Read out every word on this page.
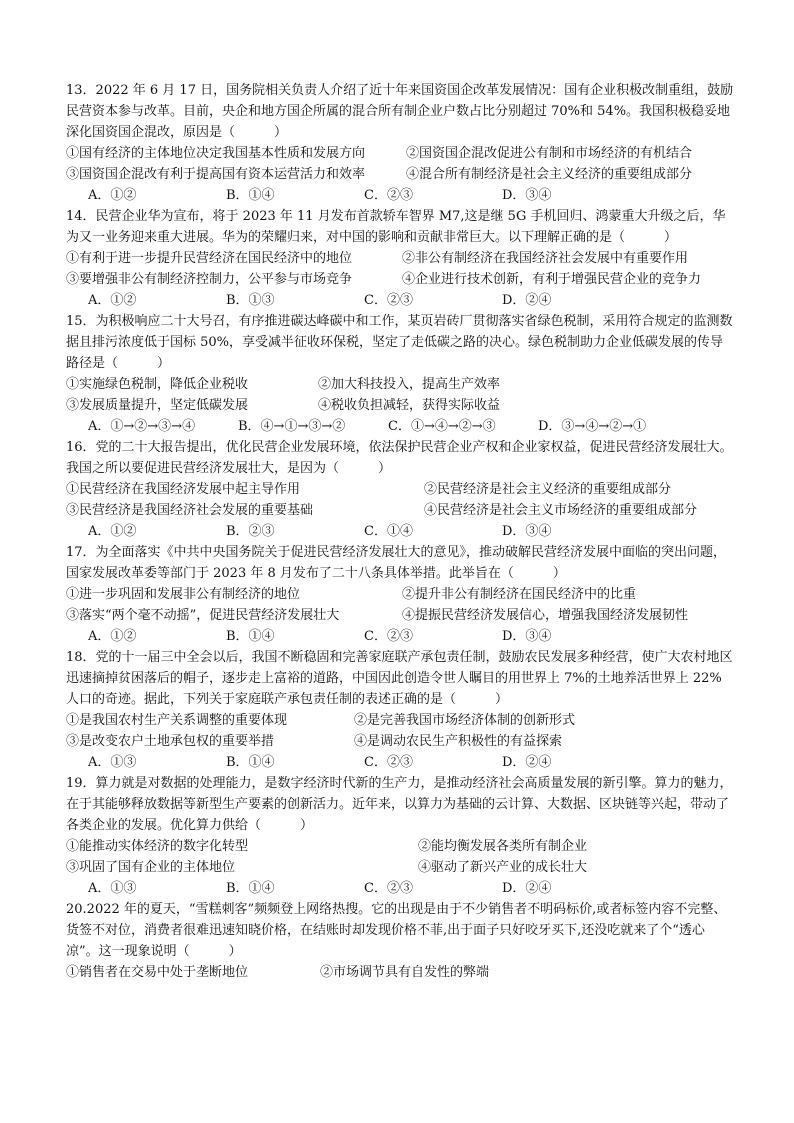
13．2022 年 6 月 17 日，国务院相关负责人介绍了近十年来国资国企改革发展情况：国有企业积极改制重组，鼓励民营资本参与改革。目前，央企和地方国企所属的混合所有制企业户数占比分别超过 70%和 54%。我国积极稳妥地深化国资国企混改，原因是（　　　）

①国有经济的主体地位决定我国基本性质和发展方向	②国资国企混改促进公有制和市场经济的有机结合
③国资国企混改有利于提高国有资本运营活力和效率	④混合所有制经济是社会主义经济的重要组成部分
A．①②	B．①④	C．②③	D．③④

14．民营企业华为宣布，将于 2023 年 11 月发布首款轿车智界 M7,这是继 5G 手机回归、鸿蒙重大升级之后，华为又一业务迎来重大进展。华为的荣耀归来，对中国的影响和贡献非常巨大。以下理解正确的是（　　　）

①有利于进一步提升民营经济在国民经济中的地位	②非公有制经济在我国经济社会发展中有重要作用
③要增强非公有制经济控制力，公平参与市场竞争	④企业进行技术创新，有利于增强民营企业的竞争力
A．①②	B．①③	C．②③	D．②④

15．为积极响应二十大号召，有序推进碳达峰碳中和工作，某页岩砖厂贯彻落实省绿色税制，采用符合规定的监测数据且排污浓度低于国标 50%，享受减半征收环保税，坚定了走低碳之路的决心。绿色税制助力企业低碳发展的传导路径是（　　　）

①实施绿色税制，降低企业税收	②加大科技投入，提高生产效率
③发展质量提升，坚定低碳发展	④税收负担减轻，获得实际收益
A．①→②→③→④	B．④→①→③→②	C．①→④→②→③	D．③→④→②→①

16．党的二十大报告提出，优化民营企业发展环境，依法保护民营企业产权和企业家权益，促进民营经济发展壮大。我国之所以要促进民营经济发展壮大，是因为（　　　）

①民营经济在我国经济发展中起主导作用	②民营经济是社会主义经济的重要组成部分
③民营经济是我国经济社会发展的重要基础	④民营经济是社会主义市场经济的重要组成部分
A．①②	B．②③	C．①④	D．③④

17．为全面落实《中共中央国务院关于促进民营经济发展壮大的意见》，推动破解民营经济发展中面临的突出问题，国家发展改革委等部门于 2023 年 8 月发布了二十八条具体举措。此举旨在（　　　）

①进一步巩固和发展非公有制经济的地位	②提升非公有制经济在国民经济中的比重
③落实“两个毫不动摇”，促进民营经济发展壮大	④提振民营经济发展信心，增强我国经济发展韧性
A．①②	B．①④	C．②③	D．③④

18．党的十一届三中全会以后，我国不断稳固和完善家庭联产承包责任制，鼓励农民发展多种经营，使广大农村地区迅速摘掉贫困落后的帽子，逐步走上富裕的道路，中国因此创造令世人瞩目的用世界上 7%的土地养活世界上 22%人口的奇迹。据此，下列关于家庭联产承包责任制的表述正确的是（　　　）

①是我国农村生产关系调整的重要体现	②是完善我国市场经济体制的创新形式
③是改变农户土地承包权的重要举措	④是调动农民生产积极性的有益探索
A．①③	B．①④	C．②③	D．②④

19．算力就是对数据的处理能力，是数字经济时代新的生产力，是推动经济社会高质量发展的新引擎。算力的魅力，在于其能够释放数据等新型生产要素的创新活力。近年来，以算力为基础的云计算、大数据、区块链等兴起，带动了各类企业的发展。优化算力供给（　　　）

①能推动实体经济的数字化转型	②能均衡发展各类所有制企业
③巩固了国有企业的主体地位	④驱动了新兴产业的成长壮大
A．①③	B．①④	C．②③	D．②④

20.2022 年的夏天，“雪糕刺客”频频登上网络热搜。它的出现是由于不少销售者不明码标价,或者标签内容不完整、货签不对位，消费者很难迅速知晓价格，在结账时却发现价格不菲,出于面子只好咬牙买下,还没吃就来了个“透心凉”。这一现象说明（　　　）

①销售者在交易中处于垄断地位	②市场调节具有自发性的弊端
